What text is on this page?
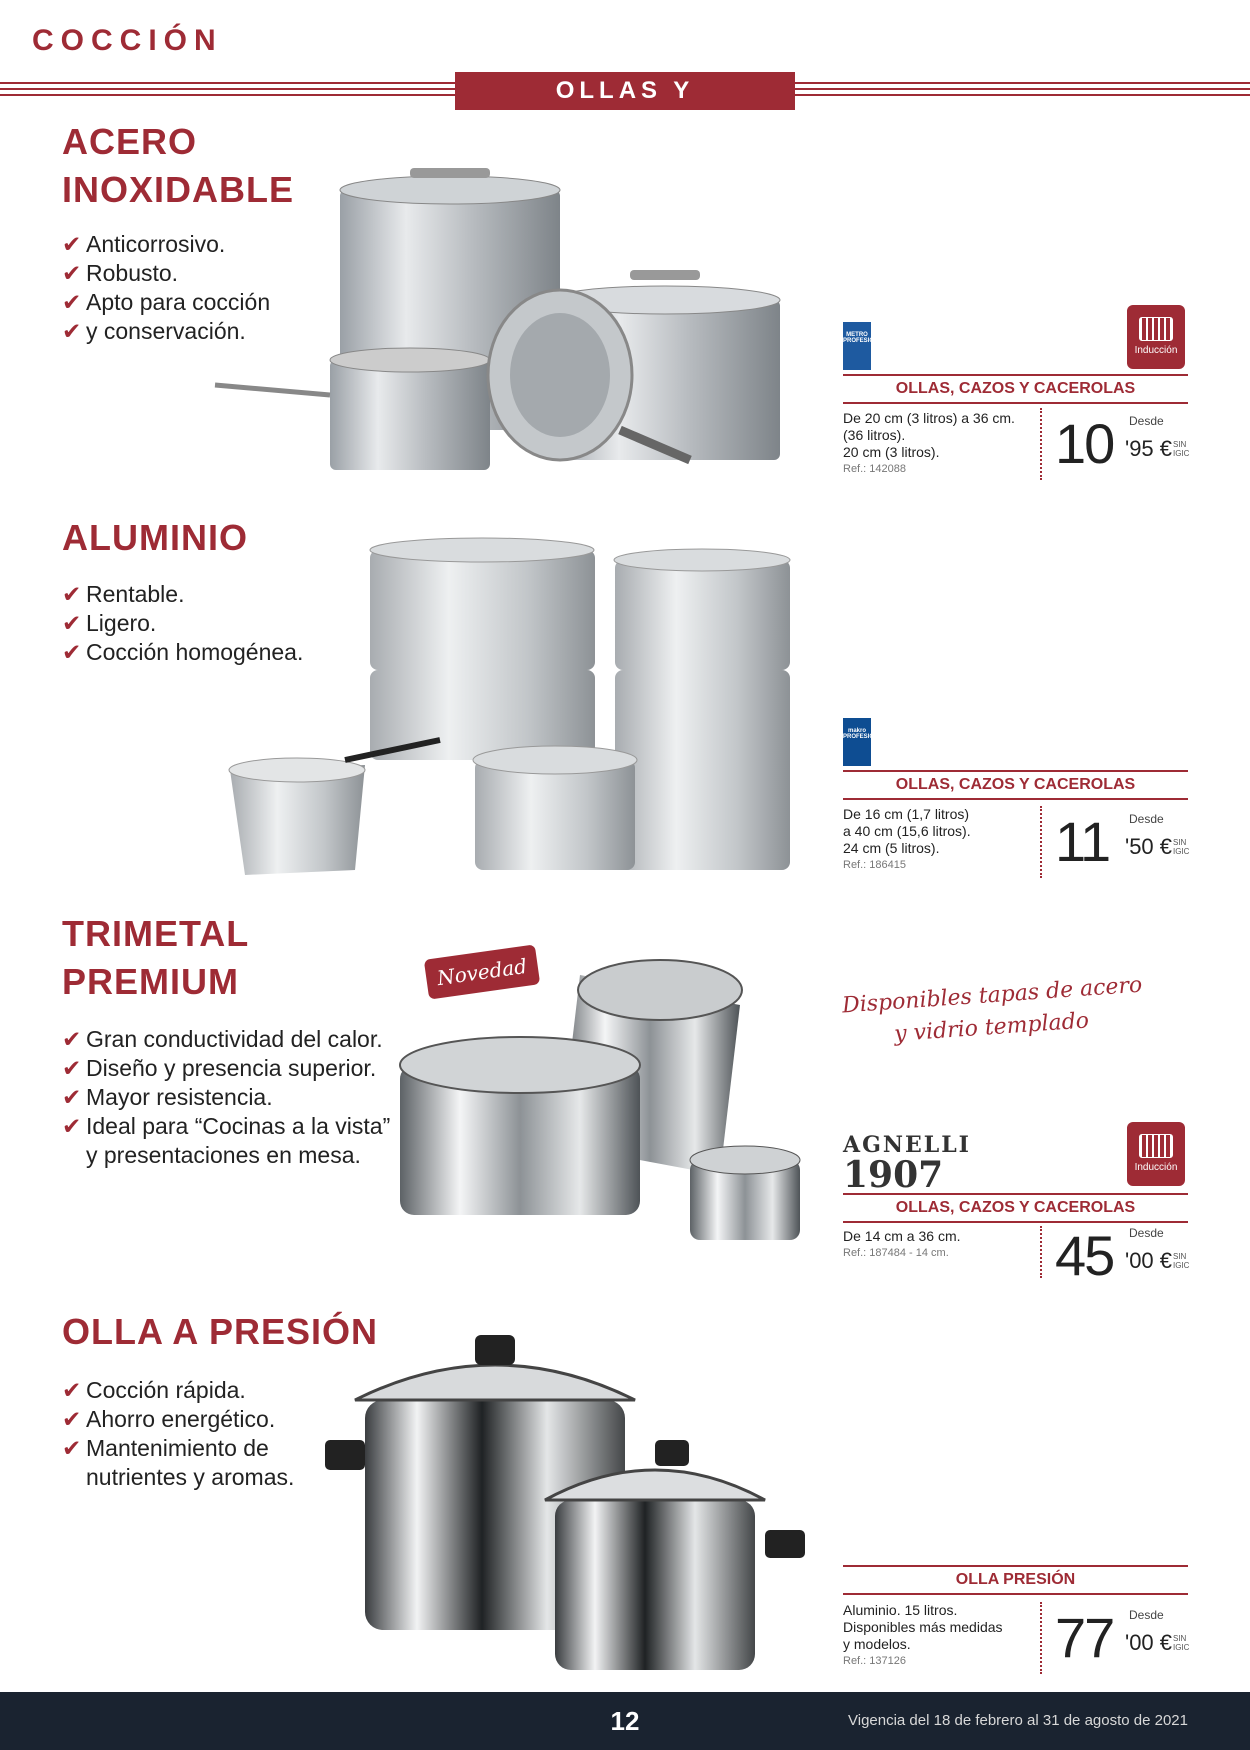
COCCIÓN
OLLAS Y CACEROLAS
ACERO
INOXIDABLE
✔ Anticorrosivo.
✔ Robusto.
✔ Apto para cocción
✔ y conservación.	METRO
PROFESIONAL
Inducción
OLLAS, CAZOS Y CACEROLAS
De 20 cm (3 litros) a 36 cm.
(36 litros).
20 cm (3 litros).
Ref.: 142088	10 Desde
'95 € SIN
IGIC
ALUMINIO
✔ Rentable.
✔ Ligero.
✔ Cocción homogénea.
makro
PROFESIONAL
OLLAS, CAZOS Y CACEROLAS
De 16 cm (1,7 litros)
a 40 cm (15,6 litros).
24 cm (5 litros).
Ref.: 186415	11 Desde
'50 € SIN
IGIC
TRIMETAL
PREMIUM
✔ Gran conductividad del calor.
✔ Diseño y presencia superior.
✔ Mayor resistencia.
✔ Ideal para “Cocinas a la vista”
y presentaciones en mesa.
Novedad
Disponibles tapas de acero
y vidrio templado
AGNELLI
1907	Inducción
OLLAS, CAZOS Y CACEROLAS
De 14 cm a 36 cm.
Ref.: 187484 - 14 cm.	45 Desde
'00 € SIN
IGIC
OLLA A PRESIÓN
✔ Cocción rápida.
✔ Ahorro energético.
✔ Mantenimiento de
nutrientes y aromas.
OLLA PRESIÓN
Aluminio. 15 litros.
Disponibles más medidas
y modelos.
Ref.: 137126	77 Desde
'00 € SIN
IGIC
12	Vigencia del 18 de febrero al 31 de agosto de 2021
